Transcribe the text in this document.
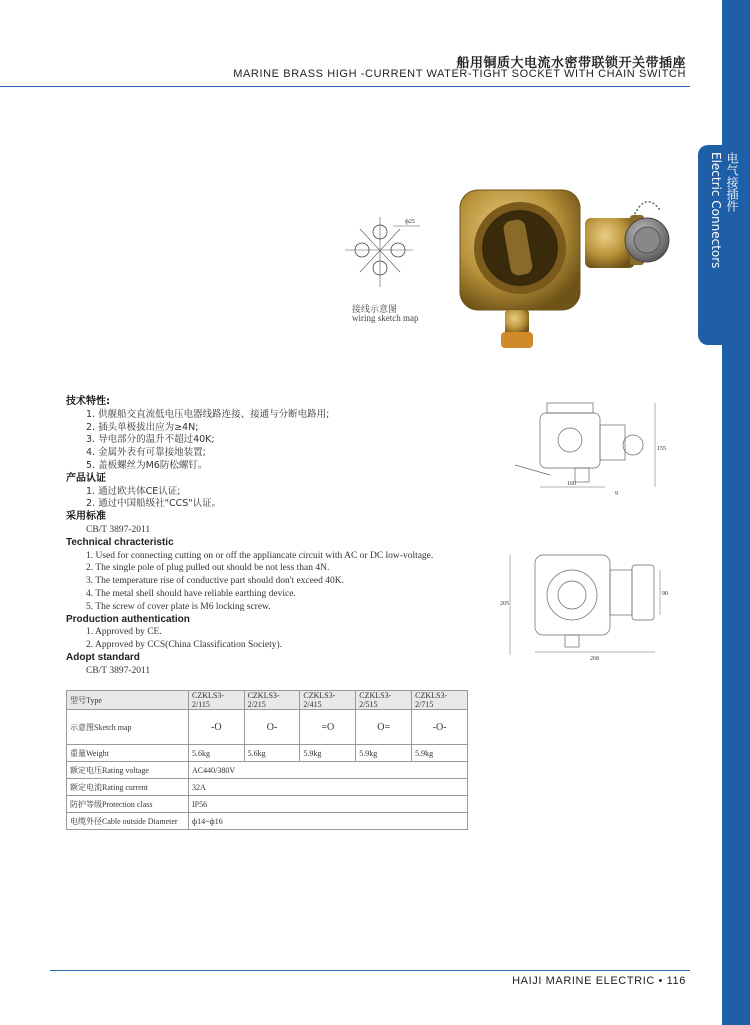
电气接插件
Electric Connectors
船用铜质大电流水密带联锁开关带插座
MARINE BRASS HIGH -CURRENT WATER-TIGHT SOCKET WITH CHAIN SWITCH
ф25
接线示意图
wiring sketch map
160
155
9
268
205
90
技术特性:
1. 供舰船交直流低电压电器线路连接、接通与分断电路用;
2. 插头单极拔出应为≥4N;
3. 导电部分的温升不超过40K;
4. 金属外表有可靠接地装置;
5. 盖板螺丝为M6防松螺钉。
产品认证
1. 通过欧共体CE认证;
2. 通过中国船级社"CCS"认证。
采用标准
CB/T 3897-2011
Technical chracteristic
1. Used for connecting cutting on or off the appliancate circuit with AC or DC low-voltage.
2. The single pole of plug pulled out should be not less than 4N.
3. The temperature rise of conductive part should don't exceed 40K.
4. The metal shell should have reliable earthing device.
5. The screw of cover plate is M6 locking screw.
Production authentication
1. Approved by CE.
2. Approved by CCS(China Classification Society).
Adopt standard
CB/T 3897-2011
型号Type	CZKLS3-2/115	CZKLS3-2/215	CZKLS3-2/415	CZKLS3-2/515	CZKLS3-2/715
示意图Sketch map	-O	O-	=O	O=	-O-
重量Weight	5.6kg	5.6kg	5.9kg	5.9kg	5.9kg
额定电压Rating voltage	AC440/380V				
额定电流Rating current	32A				
防护等级Protection class	IP56				
电缆外径Cable outside Diameter	ф14~ф16				
HAIJI MARINE ELECTRIC • 116
